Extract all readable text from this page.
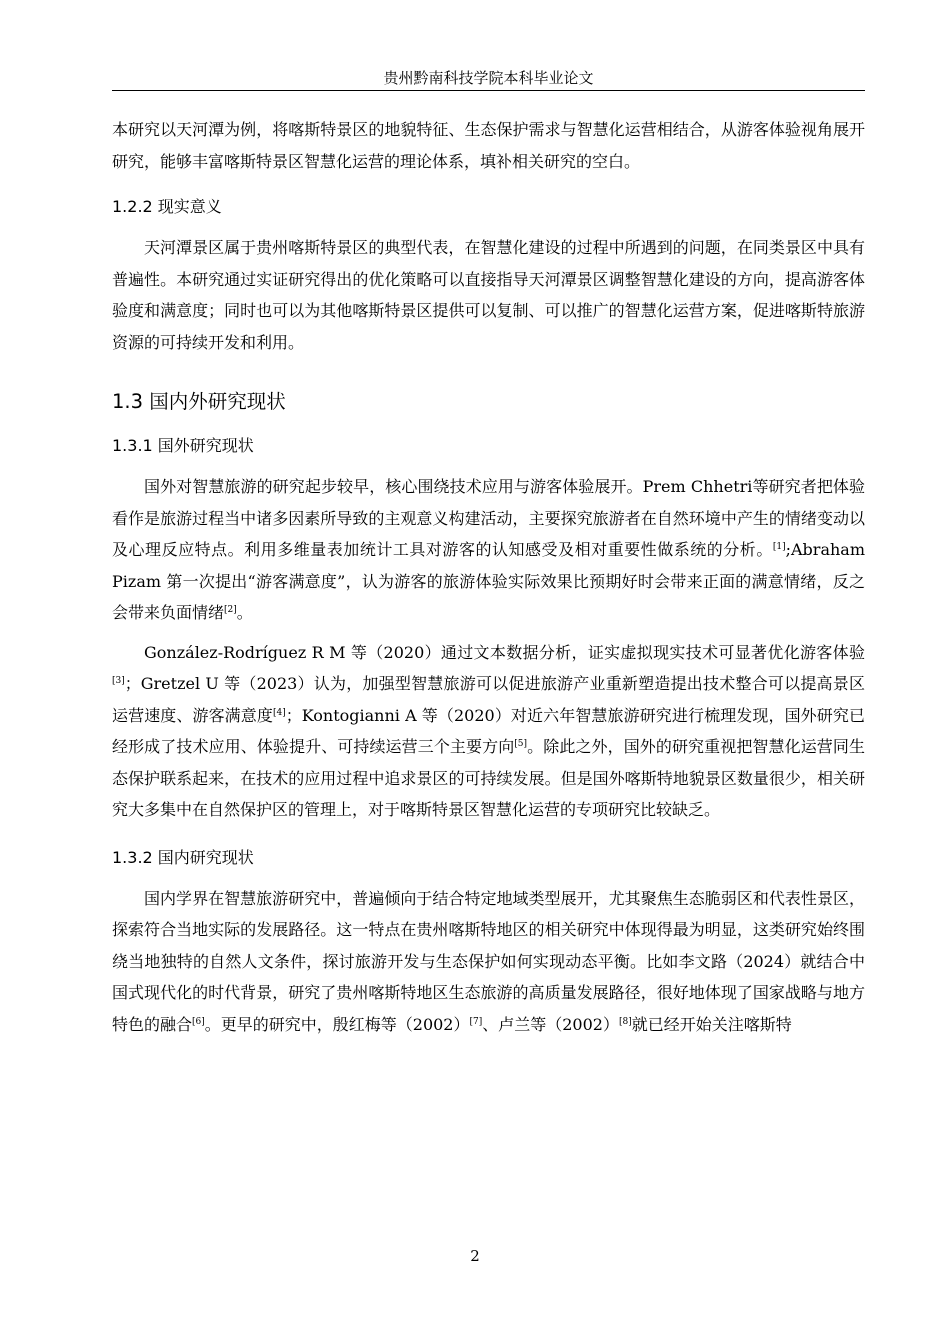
贵州黔南科技学院本科毕业论文

本研究以天河潭为例，将喀斯特景区的地貌特征、生态保护需求与智慧化运营相结合，从游客体验视角展开研究，能够丰富喀斯特景区智慧化运营的理论体系，填补相关研究的空白。

1.2.2 现实意义

天河潭景区属于贵州喀斯特景区的典型代表，在智慧化建设的过程中所遇到的问题，在同类景区中具有普遍性。本研究通过实证研究得出的优化策略可以直接指导天河潭景区调整智慧化建设的方向，提高游客体验度和满意度；同时也可以为其他喀斯特景区提供可以复制、可以推广的智慧化运营方案，促进喀斯特旅游资源的可持续开发和利用。

1.3 国内外研究现状
1.3.1 国外研究现状

国外对智慧旅游的研究起步较早，核心围绕技术应用与游客体验展开。Prem Chhetri等研究者把体验看作是旅游过程当中诸多因素所导致的主观意义构建活动，主要探究旅游者在自然环境中产生的情绪变动以及心理反应特点。利用多维量表加统计工具对游客的认知感受及相对重要性做系统的分析。[1];Abraham Pizam 第一次提出“游客满意度”，认为游客的旅游体验实际效果比预期好时会带来正面的满意情绪，反之会带来负面情绪[2]。

González-Rodríguez R M 等（2020）通过文本数据分析，证实虚拟现实技术可显著优化游客体验[3]；Gretzel U 等（2023）认为，加强型智慧旅游可以促进旅游产业重新塑造提出技术整合可以提高景区运营速度、游客满意度[4]；Kontogianni A 等（2020）对近六年智慧旅游研究进行梳理发现，国外研究已经形成了技术应用、体验提升、可持续运营三个主要方向[5]。除此之外，国外的研究重视把智慧化运营同生态保护联系起来，在技术的应用过程中追求景区的可持续发展。但是国外喀斯特地貌景区数量很少，相关研究大多集中在自然保护区的管理上，对于喀斯特景区智慧化运营的专项研究比较缺乏。

1.3.2 国内研究现状

国内学界在智慧旅游研究中，普遍倾向于结合特定地域类型展开，尤其聚焦生态脆弱区和代表性景区，探索符合当地实际的发展路径。这一特点在贵州喀斯特地区的相关研究中体现得最为明显，这类研究始终围绕当地独特的自然人文条件，探讨旅游开发与生态保护如何实现动态平衡。比如李文路（2024）就结合中国式现代化的时代背景，研究了贵州喀斯特地区生态旅游的高质量发展路径，很好地体现了国家战略与地方特色的融合[6]。更早的研究中，殷红梅等（2002）[7]、卢兰等（2002）[8]就已经开始关注喀斯特

2
